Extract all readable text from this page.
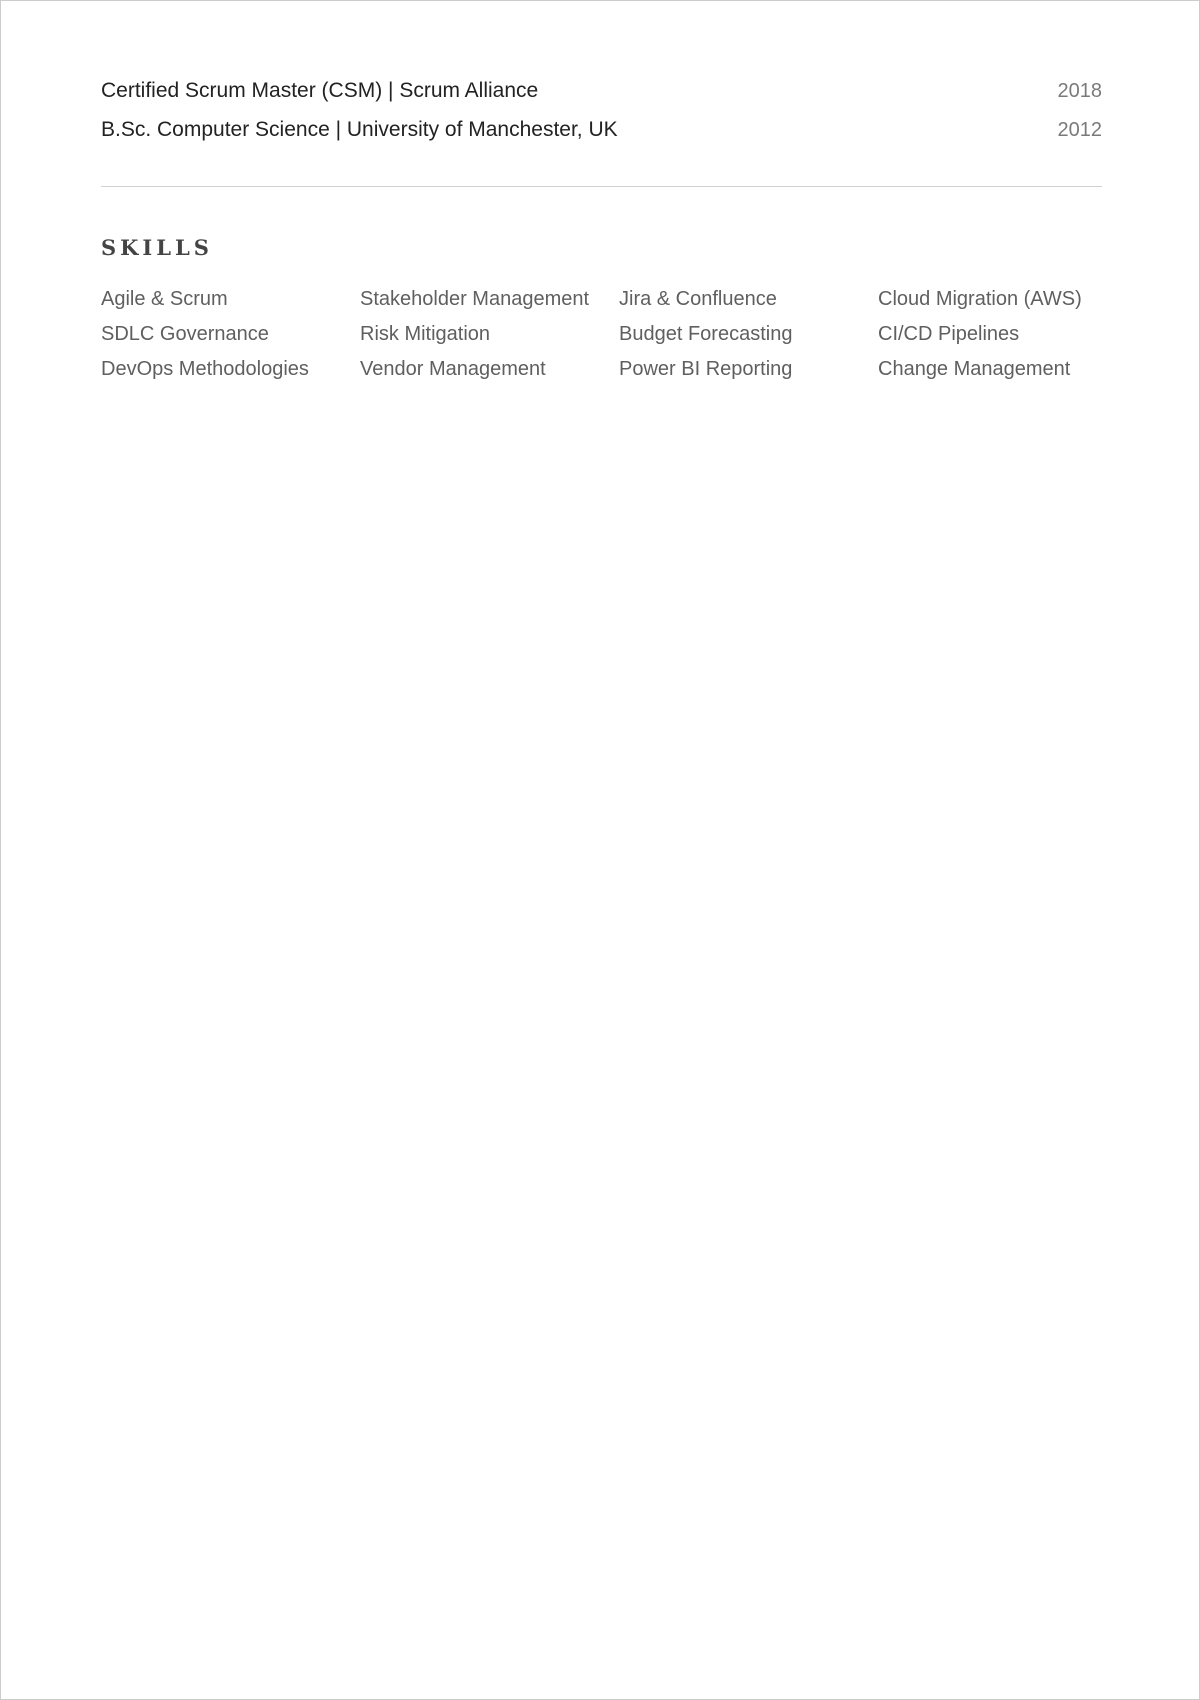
Certified Scrum Master (CSM) | Scrum Alliance	2018
B.Sc. Computer Science | University of Manchester, UK	2012
SKILLS
Agile & Scrum	Stakeholder Management	Jira & Confluence	Cloud Migration (AWS)
SDLC Governance	Risk Mitigation	Budget Forecasting	CI/CD Pipelines
DevOps Methodologies	Vendor Management	Power BI Reporting	Change Management
